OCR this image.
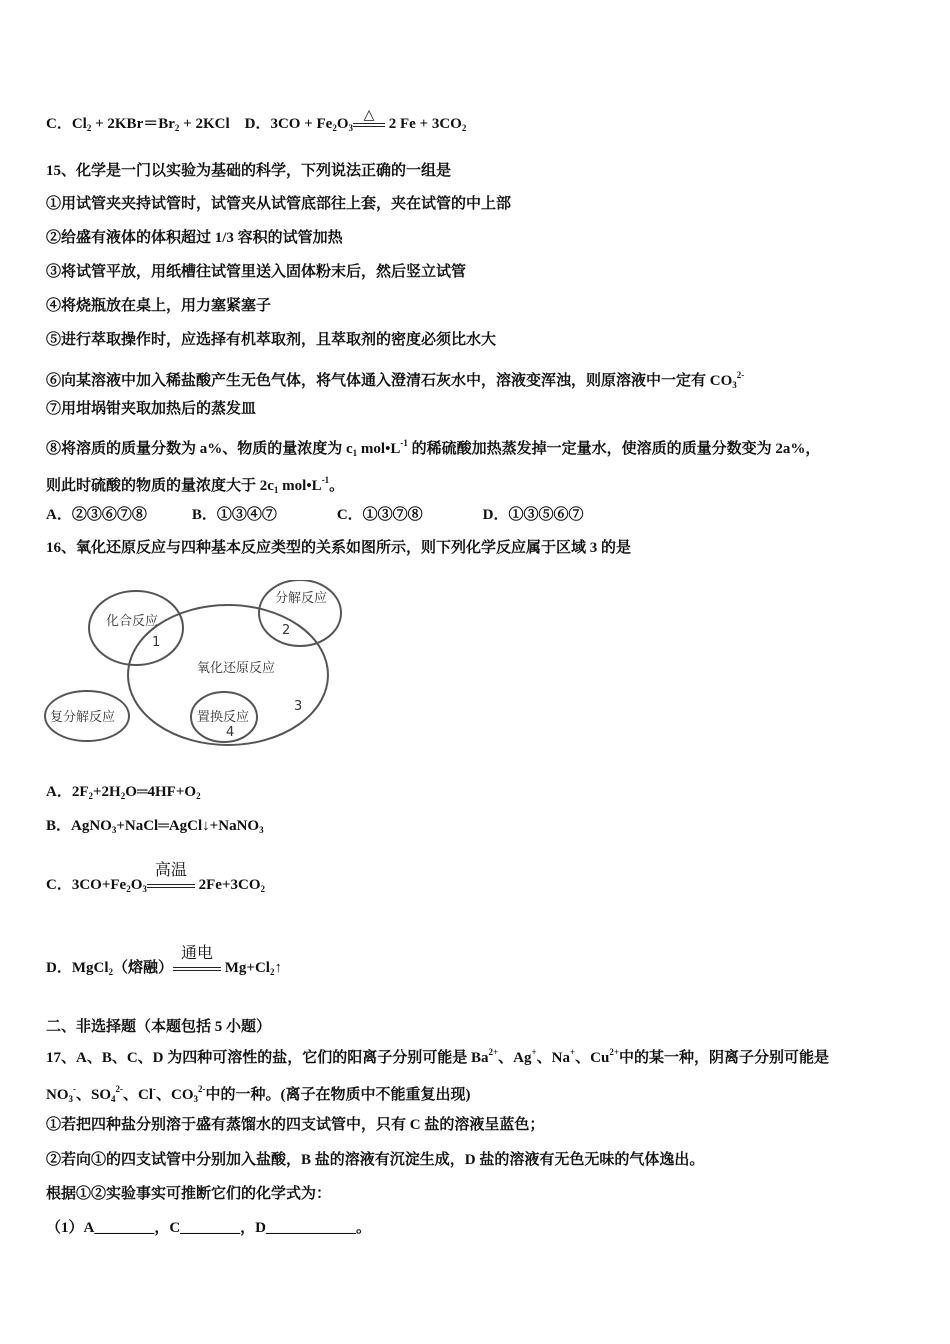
化合反应
1
分解反应
2
氧化还原反应
3
复分解反应	置换反应
4
C．$Cl_2 + 2KBr=Br_2 + 2KCl$　D．$3CO + Fe_2O_3$
△
2 $Fe + 3CO_2$
15、化学是一门以实验为基础的科学，下列说法正确的一组是
①用试管夹夹持试管时，试管夹从试管底部往上套，夹在试管的中上部
②给盛有液体的体积超过 1/3 容积的试管加热
③将试管平放，用纸槽往试管里送入固体粉末后，然后竖立试管
④将烧瓶放在桌上，用力塞紧塞子
⑤进行萃取操作时，应选择有机萃取剂，且萃取剂的密度必须比水大
⑥向某溶液中加入稀盐酸产生无色气体，将气体通入澄清石灰水中，溶液变浑浊，则原溶液中一定有 $CO_3^{2-}$
⑦用坩埚钳夹取加热后的蒸发皿
⑧将溶质的质量分数为 a%、物质的量浓度为 $c_1$ $mol•L^{-1}$ 的稀硫酸加热蒸发掉一定量水，使溶质的质量分数变为 2a%，
则此时硫酸的物质的量浓度大于 $2c_1$ $mol•L^{-1}$。
A．②③⑥⑦⑧　　　B．①③④⑦　　　　C．①③⑦⑧　　　　D．①③⑤⑥⑦
16、氧化还原反应与四种基本反应类型的关系如图所示，则下列化学反应属于区域 3 的是
A．$2F_2+2H_2O═4HF+O_2$
B．AgNO$_3$+NaCl═AgCl↓+NaNO$_3$
C．$3CO+Fe_2O_3$
高温
$2Fe+3CO_2$
D．MgCl$_2$（熔融）
通电
$Mg+Cl_2↑$
二、非选择题（本题包括 5 小题）
17、A、B、C、D 为四种可溶性的盐，它们的阳离子分别可能是 $Ba^{2+}$、Ag+、Na+、$Cu^{2+}$中的某一种，阴离子分别可能是
$NO_3^-$、$SO_4^{2-}$、Cl-、$CO_3^{2-}$中的一种。(离子在物质中不能重复出现)
①若把四种盐分别溶于盛有蒸馏水的四支试管中，只有 C 盐的溶液呈蓝色；
②若向①的四支试管中分别加入盐酸，B 盐的溶液有沉淀生成，D 盐的溶液有无色无味的气体逸出。
根据①②实验事实可推断它们的化学式为：
（1）A________，C________，D____________。
